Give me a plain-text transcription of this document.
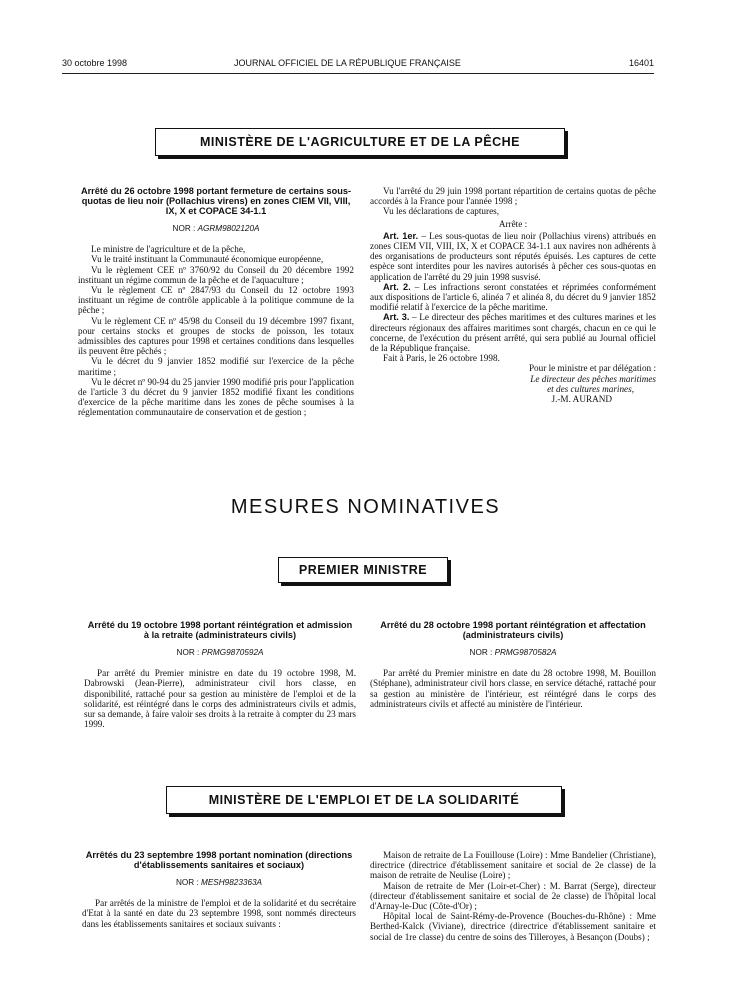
30 octobre 1998	JOURNAL OFFICIEL DE LA RÉPUBLIQUE FRANÇAISE	16401
MINISTÈRE DE L'AGRICULTURE ET DE LA PÊCHE
Arrêté du 26 octobre 1998 portant fermeture de certains sous-quotas de lieu noir (Pollachius virens) en zones CIEM VII, VIII, IX, X et COPACE 34-1.1
NOR : AGRM9802120A

Le ministre de l'agriculture et de la pêche,

Vu le traité instituant la Communauté économique européenne,

Vu le règlement CEE nº 3760/92 du Conseil du 20 décembre 1992 instituant un régime commun de la pêche et de l'aquaculture ;

Vu le règlement CE nº 2847/93 du Conseil du 12 octobre 1993 instituant un régime de contrôle applicable à la politique commune de la pêche ;

Vu le règlement CE nº 45/98 du Conseil du 19 décembre 1997 fixant, pour certains stocks et groupes de stocks de poisson, les totaux admissibles des captures pour 1998 et certaines conditions dans lesquelles ils peuvent être pêchés ;

Vu le décret du 9 janvier 1852 modifié sur l'exercice de la pêche maritime ;

Vu le décret nº 90-94 du 25 janvier 1990 modifié pris pour l'application de l'article 3 du décret du 9 janvier 1852 modifié fixant les conditions d'exercice de la pêche maritime dans les zones de pêche soumises à la réglementation communautaire de conservation et de gestion ;

Vu l'arrêté du 29 juin 1998 portant répartition de certains quotas de pêche accordés à la France pour l'année 1998 ;

Vu les déclarations de captures,

Arrête :

Art. 1er. – Les sous-quotas de lieu noir (Pollachius virens) attribués en zones CIEM VII, VIII, IX, X et COPACE 34-1.1 aux navires non adhérents à des organisations de producteurs sont réputés épuisés. Les captures de cette espèce sont interdites pour les navires autorisés à pêcher ces sous-quotas en application de l'arrêté du 29 juin 1998 susvisé.

Art. 2. – Les infractions seront constatées et réprimées conformément aux dispositions de l'article 6, alinéa 7 et alinéa 8, du décret du 9 janvier 1852 modifié relatif à l'exercice de la pêche maritime.

Art. 3. – Le directeur des pêches maritimes et des cultures marines et les directeurs régionaux des affaires maritimes sont chargés, chacun en ce qui le concerne, de l'exécution du présent arrêté, qui sera publié au Journal officiel de la République française.

Fait à Paris, le 26 octobre 1998.

Pour le ministre et par délégation :
Le directeur des pêches maritimes
et des cultures marines,
J.-M. AURAND
MESURES NOMINATIVES
PREMIER MINISTRE
Arrêté du 19 octobre 1998 portant réintégration et admission à la retraite (administrateurs civils)
NOR : PRMG9870592A

Par arrêté du Premier ministre en date du 19 octobre 1998, M. Dabrowski (Jean-Pierre), administrateur civil hors classe, en disponibilité, rattaché pour sa gestion au ministère de l'emploi et de la solidarité, est réintégré dans le corps des administrateurs civils et admis, sur sa demande, à faire valoir ses droits à la retraite à compter du 23 mars 1999.

Arrêté du 28 octobre 1998 portant réintégration et affectation (administrateurs civils)
NOR : PRMG9870582A

Par arrêté du Premier ministre en date du 28 octobre 1998, M. Bouillon (Stéphane), administrateur civil hors classe, en service détaché, rattaché pour sa gestion au ministère de l'intérieur, est réintégré dans le corps des administrateurs civils et affecté au ministère de l'intérieur.

MINISTÈRE DE L'EMPLOI ET DE LA SOLIDARITÉ
Arrêtés du 23 septembre 1998 portant nomination (directions d'établissements sanitaires et sociaux)
NOR : MESH9823363A

Par arrêtés de la ministre de l'emploi et de la solidarité et du secrétaire d'Etat à la santé en date du 23 septembre 1998, sont nommés directeurs dans les établissements sanitaires et sociaux suivants :

Maison de retraite de La Fouillouse (Loire) : Mme Bandelier (Christiane), directrice (directrice d'établissement sanitaire et social de 2e classe) de la maison de retraite de Neulise (Loire) ;

Maison de retraite de Mer (Loir-et-Cher) : M. Barrat (Serge), directeur (directeur d'établissement sanitaire et social de 2e classe) de l'hôpital local d'Arnay-le-Duc (Côte-d'Or) ;

Hôpital local de Saint-Rémy-de-Provence (Bouches-du-Rhône) : Mme Berthed-Kalck (Viviane), directrice (directrice d'établissement sanitaire et social de 1re classe) du centre de soins des Tilleroyes, à Besançon (Doubs) ;
